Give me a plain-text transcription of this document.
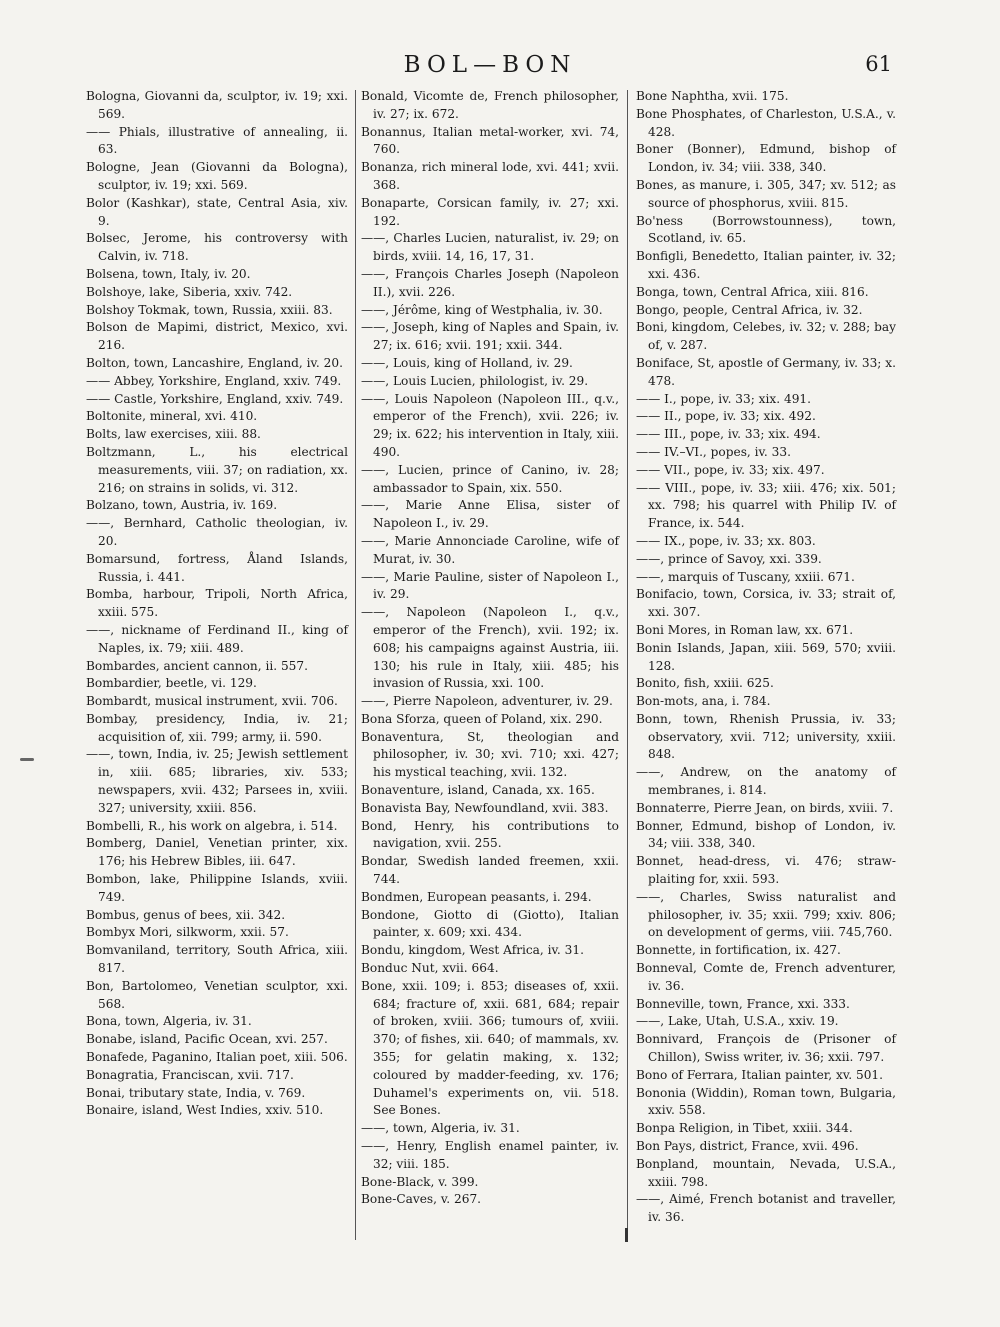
BOL—BON	61

Bologna, Giovanni da, sculptor, iv. 19; xxi. 569.

—— Phials, illustrative of annealing, ii. 63.

Bologne, Jean (Giovanni da Bologna), sculptor, iv. 19; xxi. 569.

Bolor (Kashkar), state, Central Asia, xiv. 9.

Bolsec, Jerome, his controversy with Calvin, iv. 718.

Bolsena, town, Italy, iv. 20.

Bolshoye, lake, Siberia, xxiv. 742.

Bolshoy Tokmak, town, Russia, xxiii. 83.

Bolson de Mapimi, district, Mexico, xvi. 216.

Bolton, town, Lancashire, England, iv. 20.

—— Abbey, Yorkshire, England, xxiv. 749.

—— Castle, Yorkshire, England, xxiv. 749.

Boltonite, mineral, xvi. 410.

Bolts, law exercises, xiii. 88.

Boltzmann, L., his electrical measurements, viii. 37; on radiation, xx. 216; on strains in solids, vi. 312.

Bolzano, town, Austria, iv. 169.

——, Bernhard, Catholic theologian, iv. 20.

Bomarsund, fortress, Åland Islands, Russia, i. 441.

Bomba, harbour, Tripoli, North Africa, xxiii. 575.

——, nickname of Ferdinand II., king of Naples, ix. 79; xiii. 489.

Bombardes, ancient cannon, ii. 557.

Bombardier, beetle, vi. 129.

Bombardt, musical instrument, xvii. 706.

Bombay, presidency, India, iv. 21; acquisition of, xii. 799; army, ii. 590.

——, town, India, iv. 25; Jewish settlement in, xiii. 685; libraries, xiv. 533; newspapers, xvii. 432; Parsees in, xviii. 327; university, xxiii. 856.

Bombelli, R., his work on algebra, i. 514.

Bomberg, Daniel, Venetian printer, xix. 176; his Hebrew Bibles, iii. 647.

Bombon, lake, Philippine Islands, xviii. 749.

Bombus, genus of bees, xii. 342.

Bombyx Mori, silkworm, xxii. 57.

Bomvaniland, territory, South Africa, xiii. 817.

Bon, Bartolomeo, Venetian sculptor, xxi. 568.

Bona, town, Algeria, iv. 31.

Bonabe, island, Pacific Ocean, xvi. 257.

Bonafede, Paganino, Italian poet, xiii. 506.

Bonagratia, Franciscan, xvii. 717.

Bonai, tributary state, India, v. 769.

Bonaire, island, West Indies, xxiv. 510.

Bonald, Vicomte de, French philosopher, iv. 27; ix. 672.

Bonannus, Italian metal-worker, xvi. 74, 760.

Bonanza, rich mineral lode, xvi. 441; xvii. 368.

Bonaparte, Corsican family, iv. 27; xxi. 192.

——, Charles Lucien, naturalist, iv. 29; on birds, xviii. 14, 16, 17, 31.

——, François Charles Joseph (Napoleon II.), xvii. 226.

——, Jérôme, king of Westphalia, iv. 30.

——, Joseph, king of Naples and Spain, iv. 27; ix. 616; xvii. 191; xxii. 344.

——, Louis, king of Holland, iv. 29.

——, Louis Lucien, philologist, iv. 29.

——, Louis Napoleon (Napoleon III., q.v., emperor of the French), xvii. 226; iv. 29; ix. 622; his intervention in Italy, xiii. 490.

——, Lucien, prince of Canino, iv. 28; ambassador to Spain, xix. 550.

——, Marie Anne Elisa, sister of Napoleon I., iv. 29.

——, Marie Annonciade Caroline, wife of Murat, iv. 30.

——, Marie Pauline, sister of Napoleon I., iv. 29.

——, Napoleon (Napoleon I., q.v., emperor of the French), xvii. 192; ix. 608; his campaigns against Austria, iii. 130; his rule in Italy, xiii. 485; his invasion of Russia, xxi. 100.

——, Pierre Napoleon, adventurer, iv. 29.

Bona Sforza, queen of Poland, xix. 290.

Bonaventura, St, theologian and philosopher, iv. 30; xvi. 710; xxi. 427; his mystical teaching, xvii. 132.

Bonaventure, island, Canada, xx. 165.

Bonavista Bay, Newfoundland, xvii. 383.

Bond, Henry, his contributions to navigation, xvii. 255.

Bondar, Swedish landed freemen, xxii. 744.

Bondmen, European peasants, i. 294.

Bondone, Giotto di (Giotto), Italian painter, x. 609; xxi. 434.

Bondu, kingdom, West Africa, iv. 31.

Bonduc Nut, xvii. 664.

Bone, xxii. 109; i. 853; diseases of, xxii. 684; fracture of, xxii. 681, 684; repair of broken, xviii. 366; tumours of, xviii. 370; of fishes, xii. 640; of mammals, xv. 355; for gelatin making, x. 132; coloured by madder-feeding, xv. 176; Duhamel's experiments on, vii. 518. See Bones.

——, town, Algeria, iv. 31.

——, Henry, English enamel painter, iv. 32; viii. 185.

Bone-Black, v. 399.

Bone-Caves, v. 267.

Bone Naphtha, xvii. 175.

Bone Phosphates, of Charleston, U.S.A., v. 428.

Boner (Bonner), Edmund, bishop of London, iv. 34; viii. 338, 340.

Bones, as manure, i. 305, 347; xv. 512; as source of phosphorus, xviii. 815.

Bo'ness (Borrowstounness), town, Scotland, iv. 65.

Bonfigli, Benedetto, Italian painter, iv. 32; xxi. 436.

Bonga, town, Central Africa, xiii. 816.

Bongo, people, Central Africa, iv. 32.

Boni, kingdom, Celebes, iv. 32; v. 288; bay of, v. 287.

Boniface, St, apostle of Germany, iv. 33; x. 478.

—— I., pope, iv. 33; xix. 491.

—— II., pope, iv. 33; xix. 492.

—— III., pope, iv. 33; xix. 494.

—— IV.–VI., popes, iv. 33.

—— VII., pope, iv. 33; xix. 497.

—— VIII., pope, iv. 33; xiii. 476; xix. 501; xx. 798; his quarrel with Philip IV. of France, ix. 544.

—— IX., pope, iv. 33; xx. 803.

——, prince of Savoy, xxi. 339.

——, marquis of Tuscany, xxiii. 671.

Bonifacio, town, Corsica, iv. 33; strait of, xxi. 307.

Boni Mores, in Roman law, xx. 671.

Bonin Islands, Japan, xiii. 569, 570; xviii. 128.

Bonito, fish, xxiii. 625.

Bon-mots, ana, i. 784.

Bonn, town, Rhenish Prussia, iv. 33; observatory, xvii. 712; university, xxiii. 848.

——, Andrew, on the anatomy of membranes, i. 814.

Bonnaterre, Pierre Jean, on birds, xviii. 7.

Bonner, Edmund, bishop of London, iv. 34; viii. 338, 340.

Bonnet, head-dress, vi. 476; straw-plaiting for, xxii. 593.

——, Charles, Swiss naturalist and philosopher, iv. 35; xxii. 799; xxiv. 806; on development of germs, viii. 745,760.

Bonnette, in fortification, ix. 427.

Bonneval, Comte de, French adventurer, iv. 36.

Bonneville, town, France, xxi. 333.

——, Lake, Utah, U.S.A., xxiv. 19.

Bonnivard, François de (Prisoner of Chillon), Swiss writer, iv. 36; xxii. 797.

Bono of Ferrara, Italian painter, xv. 501.

Bononia (Widdin), Roman town, Bulgaria, xxiv. 558.

Bonpa Religion, in Tibet, xxiii. 344.

Bon Pays, district, France, xvii. 496.

Bonpland, mountain, Nevada, U.S.A., xxiii. 798.

——, Aimé, French botanist and traveller, iv. 36.
